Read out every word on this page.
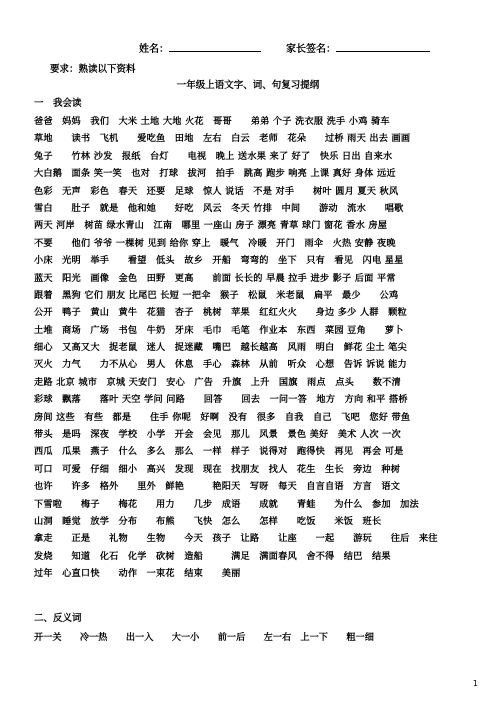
姓名：	家长签名：
要求：熟读以下资料
一年级上语文字、词、句复习提纲
一　我会读
爸爸　妈妈　我们　大米 土地 大地 火花　哥哥　　弟弟 个子 洗衣服 洗手 小鸡 骑车
草地　　读书　飞机　　爱吃鱼　田地　左右　白云　老师　花朵　　过桥 雨天 出去 画画
兔子　　竹林 沙发　报纸　台灯　　电视　晚上 送水果 来了 好了　快乐 日出 自来水
大白鹅　面条 笑一笑　也对　打球　拔河　拍手　跳高 跑步 响亮 上课 真好 身体 远近
色彩　无声　彩色　春天　还要　足球　惊人 说话　不是 对手　　树叶 圆月 夏天 秋风
雪白　　肚子　就是　他和她　　好吃　风云　冬天 竹排　中间　　游动　流水　　唱歌
两天 河岸　树苗 绿水青山　江南　哪里 一座山 房子 漂亮 青草 球门 窗花 香水 房屋
不要　　他们 爷爷 一棵树 见到 给你 穿上　暖气　冷暖　开门　雨伞　火热 安静 夜晚
小床　光明　举手　　看望　低头　故乡　开船　弯弯的　坐下　只有　看见　闪电 星星
蓝天　阳光　画像　金色　田野　更高　　前面 长长的 早晨 拉手 进步 影子 后面 平常
跟着　黑狗 它们 朋友 比尾巴 长短 一把伞　猴子　松鼠　米老鼠　扁平　最少　　公鸡
公开　鸭子　黄山　黄牛　花猫　杏子　桃树　苹果　红红火火　　身边 多少 人群　颗粒
土堆　商场　广场　书包　牛奶　牙床　毛巾　毛笔　作业本　东西　菜园 豆角　　萝卜
细心　又高又大　捉老鼠　迷人　捉迷藏　嘴巴　越长越高　风雨　明白　鲜花 尘土 笔尖
灭火　力气　　力不从心　男人　休息　手心　森林　从前　听众　心想　告诉 诉说 能力
走路 北京 城市　京城 天安门　安心　广告　升旗　上升　国旗　雨点　点头　　数不清
彩球　飘落　　落叶 天空 学问 问路　　回答　　回去　一问一答　地方　方向 和平 搭桥
房间 这些　有些　都是　　住手 你呢　好啊　没有　很多　自我　自己　飞吧　您好 带鱼
带头　是吗　深夜　学校　小学　开会　会见　那儿　风景　景色 美好　美术 人次 一次
西瓜　瓜果　燕子　什么　多么　那么　一样　样子　说得对　跑得快　再见　再会 可是
可口　可爱　仔细　细小　高兴　发现　现在　找朋友　找人　花生　生长　旁边　种树
也许　　许多　格外　　里外　鲜艳　　　艳阳天　写呀　每天　自言自语　方言　语文
下雪啦　　梅子　　梅花　　用力　　几步　成语　　成就　　青蛙　　为什么　参加　加法
山洞　睡觉　放学　分布　　布熊　　飞快　怎么　　怎样　　吃饭　　米饭　班长
拿走　　正是　　礼物　　生物　　今天　孩子　让路　　让座　　一起　　游玩　　往后　来往
发烧　　知道　化石　化学　砍树　造船　　　满足　满面春风　舍不得　结巴　结果
过年　心直口快　　动作　一束花　结束　　美丽
二、反义词
开一关　　冷一热　　出一入　　大一小　　前一后　　左一右　上一下　　粗一细
1
